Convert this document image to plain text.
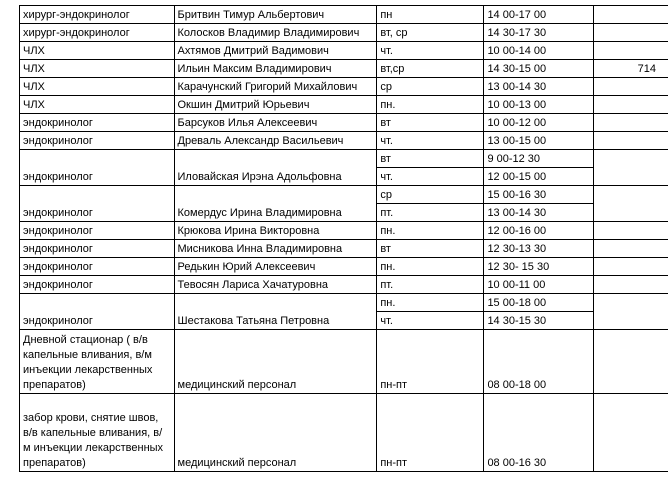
хирург-эндокринолог	Бритвин Тимур Альбертович	пн	14 00-17 00	
хирург-эндокринолог	Колосков Владимир Владимирович	вт, ср	14 30-17 30	
ЧЛХ	Ахтямов Дмитрий Вадимович	чт.	10 00-14 00	
ЧЛХ	Ильин Максим Владимирович	вт,ср	14 30-15 00	714
ЧЛХ	Карачунский Григорий Михайлович	ср	13 00-14 30	
ЧЛХ	Окшин Дмитрий Юрьевич	пн.	10 00-13 00	
эндокринолог	Барсуков Илья Алексеевич	вт	10 00-12 00	
эндокринолог	Древаль Александр Васильевич	чт.	13 00-15 00	
эндокринолог	Иловайская Ирэна Адольфовна	вт	9 00-12 30	
		чт.	12 00-15 00	
эндокринолог	Комердус Ирина Владимировна	ср	15 00-16 30	
		пт.	13 00-14 30	
эндокринолог	Крюкова Ирина Викторовна	пн.	12 00-16 00	
эндокринолог	Мисникова Инна Владимировна	вт	12 30-13 30	
эндокринолог	Редькин Юрий Алексеевич	пн.	12 30- 15 30	
эндокринолог	Тевосян Лариса Хачатуровна	пт.	10 00-11 00	
эндокринолог	Шестакова Татьяна Петровна	пн.	15 00-18 00	
		чт.	14 30-15 30	
Дневной стационар ( в/в капельные вливания, в/м инъекции лекарственных препаратов)	медицинский персонал	пн-пт	08 00-18 00	
забор крови, снятие швов, в/в капельные вливания, в/м инъекции лекарственных препаратов)	медицинский персонал	пн-пт	08 00-16 30	
